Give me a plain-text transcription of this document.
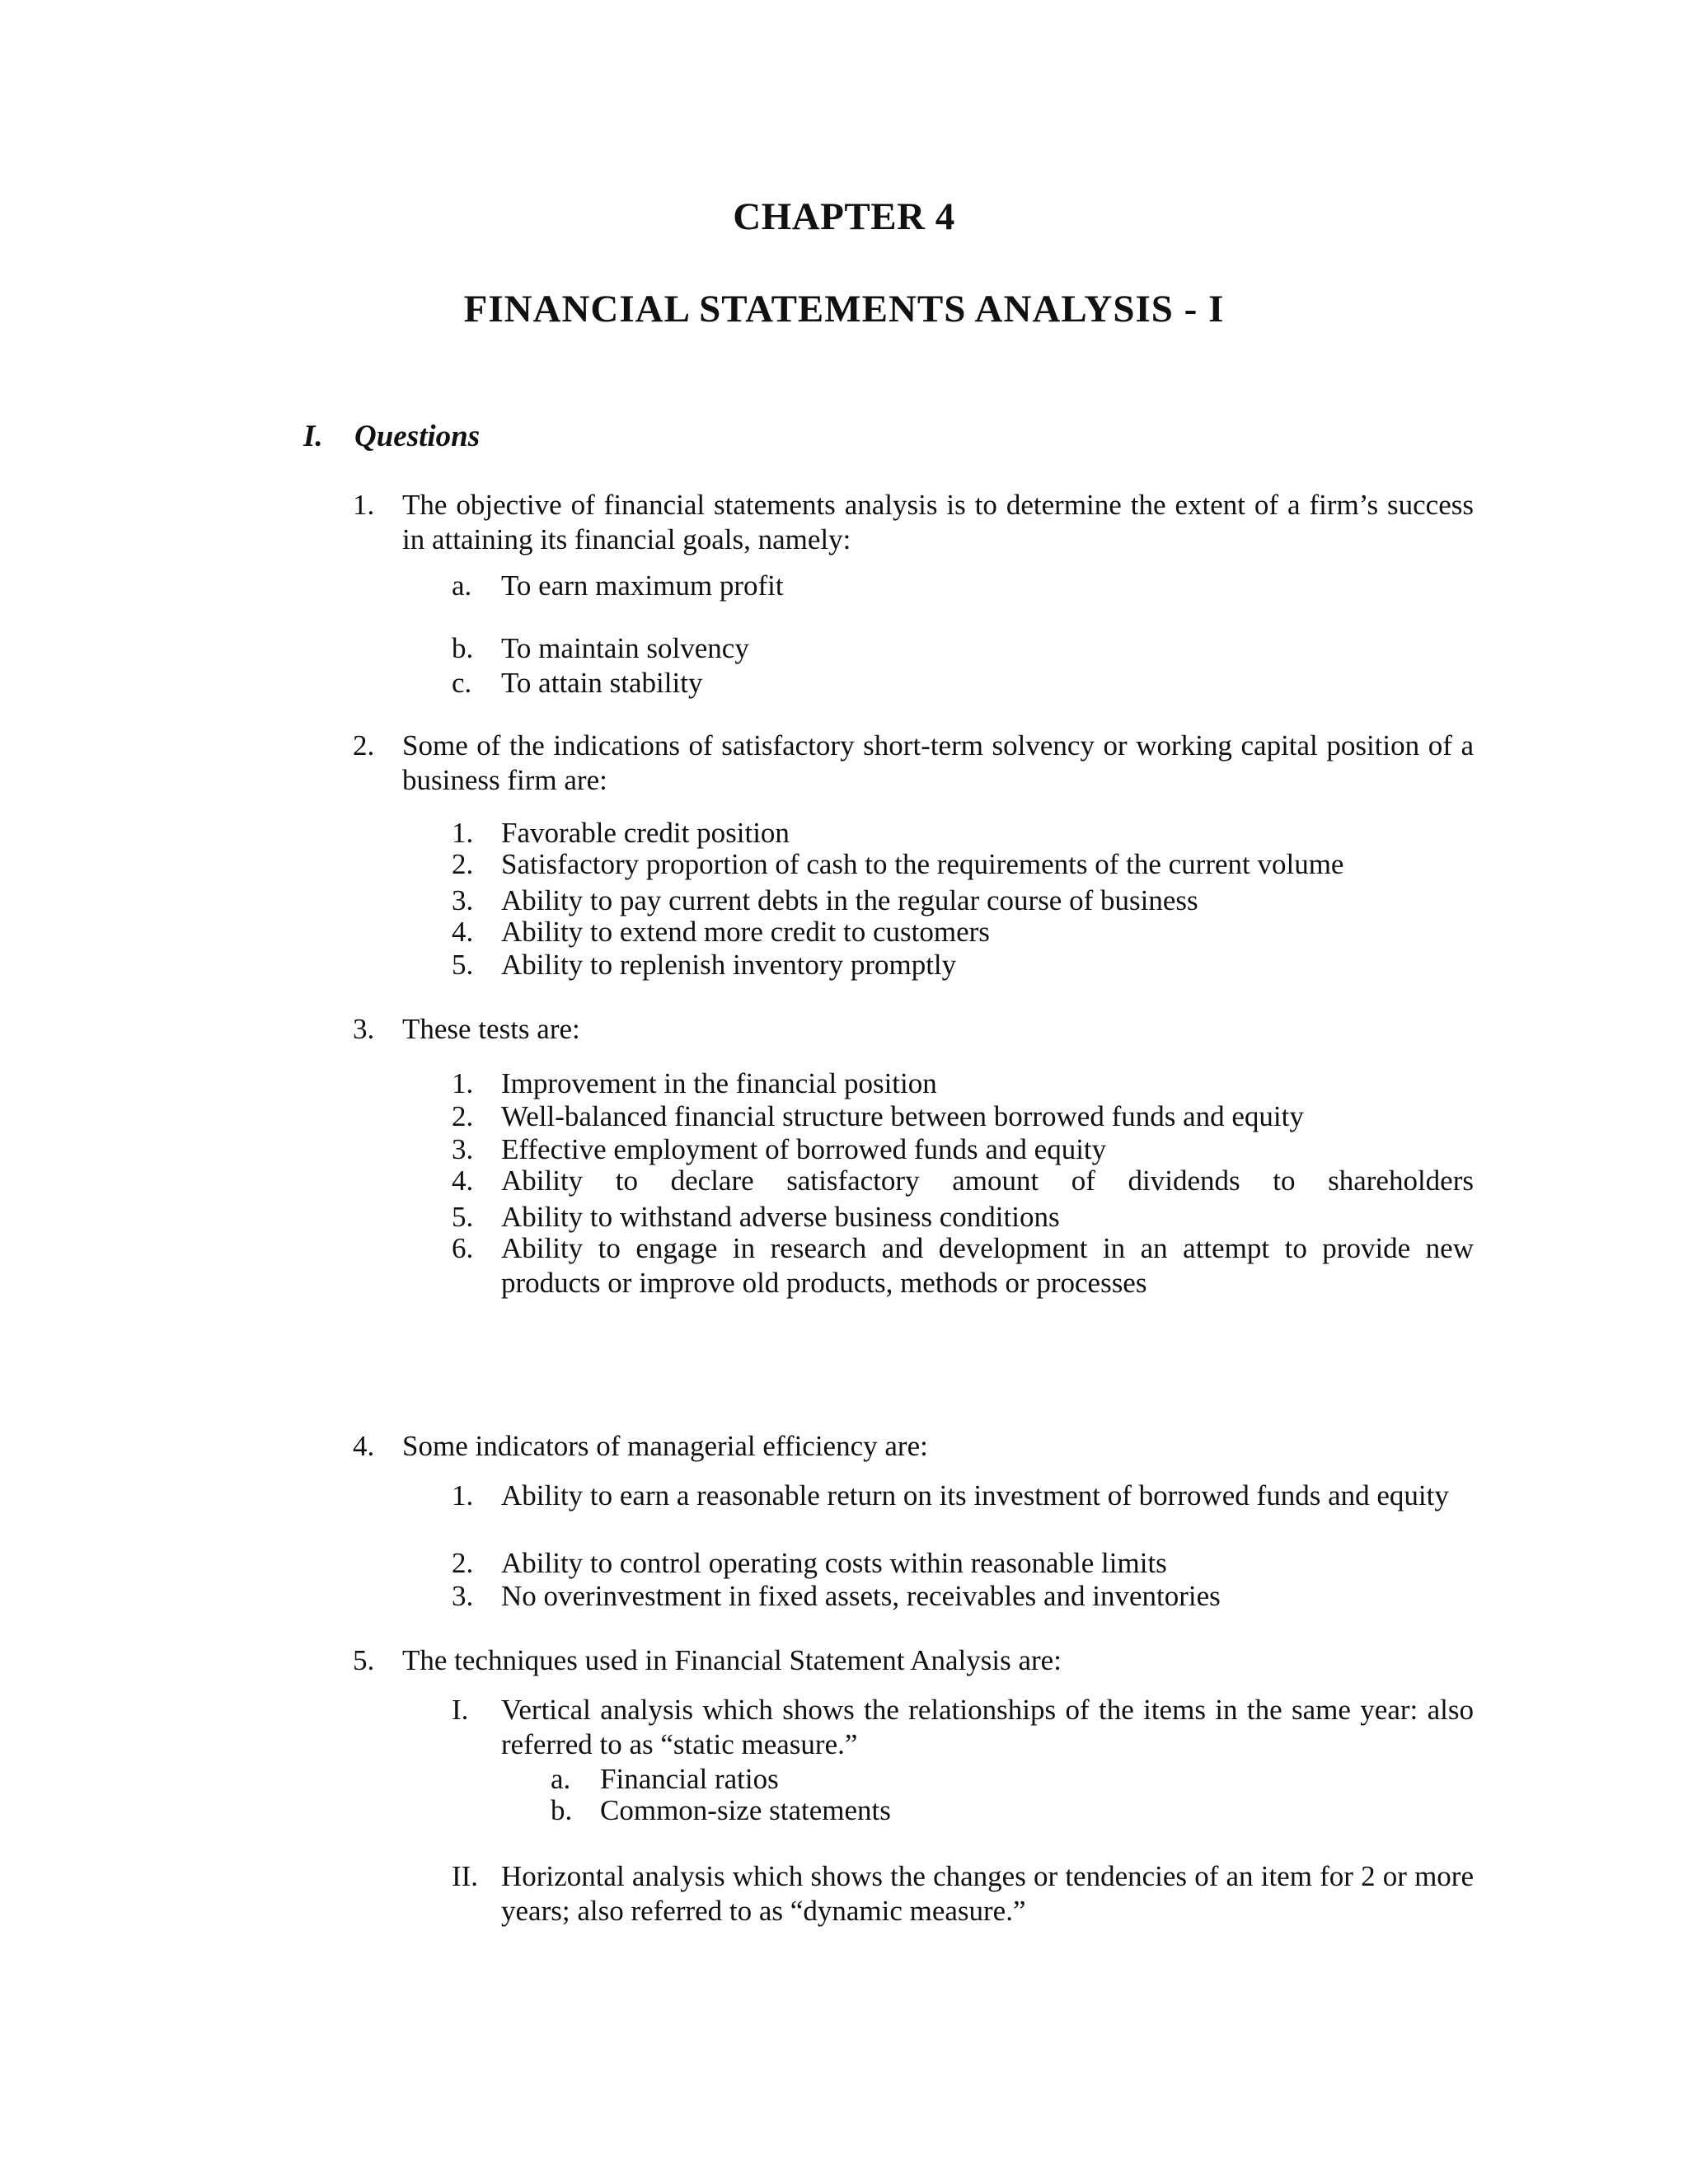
CHAPTER 4
FINANCIAL STATEMENTS ANALYSIS - I
I. Questions
1. The objective of financial statements analysis is to determine the extent of a firm’s success in attaining its financial goals, namely:
a. To earn maximum profit
b. To maintain solvency
c. To attain stability
2. Some of the indications of satisfactory short-term solvency or working capital position of a business firm are:
1. Favorable credit position
2. Satisfactory proportion of cash to the requirements of the current volume
3. Ability to pay current debts in the regular course of business
4. Ability to extend more credit to customers
5. Ability to replenish inventory promptly
3. These tests are:
1. Improvement in the financial position
2. Well-balanced financial structure between borrowed funds and equity
3. Effective employment of borrowed funds and equity
4. Ability to declare satisfactory amount of dividends to shareholders
5. Ability to withstand adverse business conditions
6. Ability to engage in research and development in an attempt to provide new products or improve old products, methods or processes
4. Some indicators of managerial efficiency are:
1. Ability to earn a reasonable return on its investment of borrowed funds and equity
2. Ability to control operating costs within reasonable limits
3. No overinvestment in fixed assets, receivables and inventories
5. The techniques used in Financial Statement Analysis are:
I. Vertical analysis which shows the relationships of the items in the same year: also referred to as “static measure.”
a. Financial ratios
b. Common-size statements
II. Horizontal analysis which shows the changes or tendencies of an item for 2 or more years; also referred to as “dynamic measure.”
